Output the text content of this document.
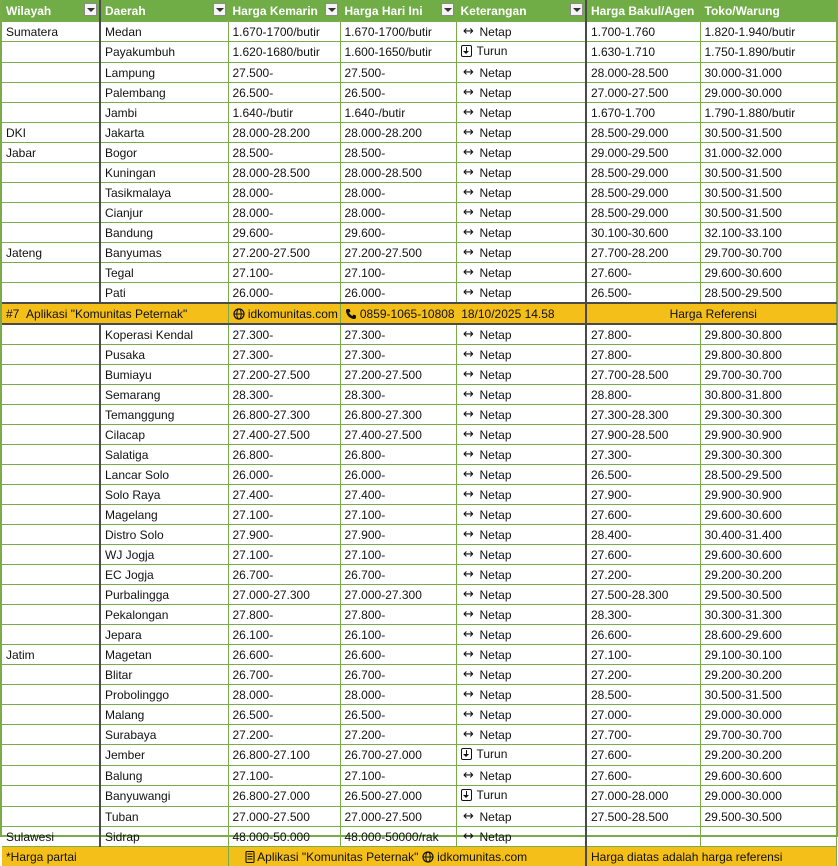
Wilayah	Daerah	Harga Kemarin	Harga Hari Ini	Keterangan	Harga Bakul/Agen	Toko/Warung
Sumatera	Medan	1.670-1700/butir	1.670-1700/butir	↔ Netap	1.700-1.760	1.820-1.940/butir
	Payakumbuh	1.620-1680/butir	1.600-1650/butir	Turun	1.630-1.710	1.750-1.890/butir
	Lampung	27.500-	27.500-	↔ Netap	28.000-28.500	30.000-31.000
	Palembang	26.500-	26.500-	↔ Netap	27.000-27.500	29.000-30.000
	Jambi	1.640-/butir	1.640-/butir	↔ Netap	1.670-1.700	1.790-1.880/butir
DKI	Jakarta	28.000-28.200	28.000-28.200	↔ Netap	28.500-29.000	30.500-31.500
Jabar	Bogor	28.500-	28.500-	↔ Netap	29.000-29.500	31.000-32.000
	Kuningan	28.000-28.500	28.000-28.500	↔ Netap	28.500-29.000	30.500-31.500
	Tasikmalaya	28.000-	28.000-	↔ Netap	28.500-29.000	30.500-31.500
	Cianjur	28.000-	28.000-	↔ Netap	28.500-29.000	30.500-31.500
	Bandung	29.600-	29.600-	↔ Netap	30.100-30.600	32.100-33.100
Jateng	Banyumas	27.200-27.500	27.200-27.500	↔ Netap	27.700-28.200	29.700-30.700
	Tegal	27.100-	27.100-	↔ Netap	27.600-	29.600-30.600
	Pati	26.000-	26.000-	↔ Netap	26.500-	28.500-29.500
#7 Aplikasi "Komunitas Peternak"		idkomunitas.com	0859-1065-10808 18/10/2025 14.58		Harga Referensi	
	Koperasi Kendal	27.300-	27.300-	↔ Netap	27.800-	29.800-30.800
	Pusaka	27.300-	27.300-	↔ Netap	27.800-	29.800-30.800
	Bumiayu	27.200-27.500	27.200-27.500	↔ Netap	27.700-28.500	29.700-30.700
	Semarang	28.300-	28.300-	↔ Netap	28.800-	30.800-31.800
	Temanggung	26.800-27.300	26.800-27.300	↔ Netap	27.300-28.300	29.300-30.300
	Cilacap	27.400-27.500	27.400-27.500	↔ Netap	27.900-28.500	29.900-30.900
	Salatiga	26.800-	26.800-	↔ Netap	27.300-	29.300-30.300
	Lancar Solo	26.000-	26.000-	↔ Netap	26.500-	28.500-29.500
	Solo Raya	27.400-	27.400-	↔ Netap	27.900-	29.900-30.900
	Magelang	27.100-	27.100-	↔ Netap	27.600-	29.600-30.600
	Distro Solo	27.900-	27.900-	↔ Netap	28.400-	30.400-31.400
	WJ Jogja	27.100-	27.100-	↔ Netap	27.600-	29.600-30.600
	EC Jogja	26.700-	26.700-	↔ Netap	27.200-	29.200-30.200
	Purbalingga	27.000-27.300	27.000-27.300	↔ Netap	27.500-28.300	29.500-30.500
	Pekalongan	27.800-	27.800-	↔ Netap	28.300-	30.300-31.300
	Jepara	26.100-	26.100-	↔ Netap	26.600-	28.600-29.600
Jatim	Magetan	26.600-	26.600-	↔ Netap	27.100-	29.100-30.100
	Blitar	26.700-	26.700-	↔ Netap	27.200-	29.200-30.200
	Probolinggo	28.000-	28.000-	↔ Netap	28.500-	30.500-31.500
	Malang	26.500-	26.500-	↔ Netap	27.000-	29.000-30.000
	Surabaya	27.200-	27.200-	↔ Netap	27.700-	29.700-30.700
	Jember	26.800-27.100	26.700-27.000	Turun	27.600-	29.200-30.200
	Balung	27.100-	27.100-	↔ Netap	27.600-	29.600-30.600
	Banyuwangi	26.800-27.000	26.500-27.000	Turun	27.000-28.000	29.000-30.000
	Tuban	27.000-27.500	27.000-27.500	↔ Netap	27.500-28.500	29.500-30.500
Sulawesi	Sidrap	48.000-50.000	48.000-50000/rak	↔ Netap		

*Harga partai		Aplikasi "Komunitas Peternak" idkomunitas.com			Harga diatas adalah harga referensi	
